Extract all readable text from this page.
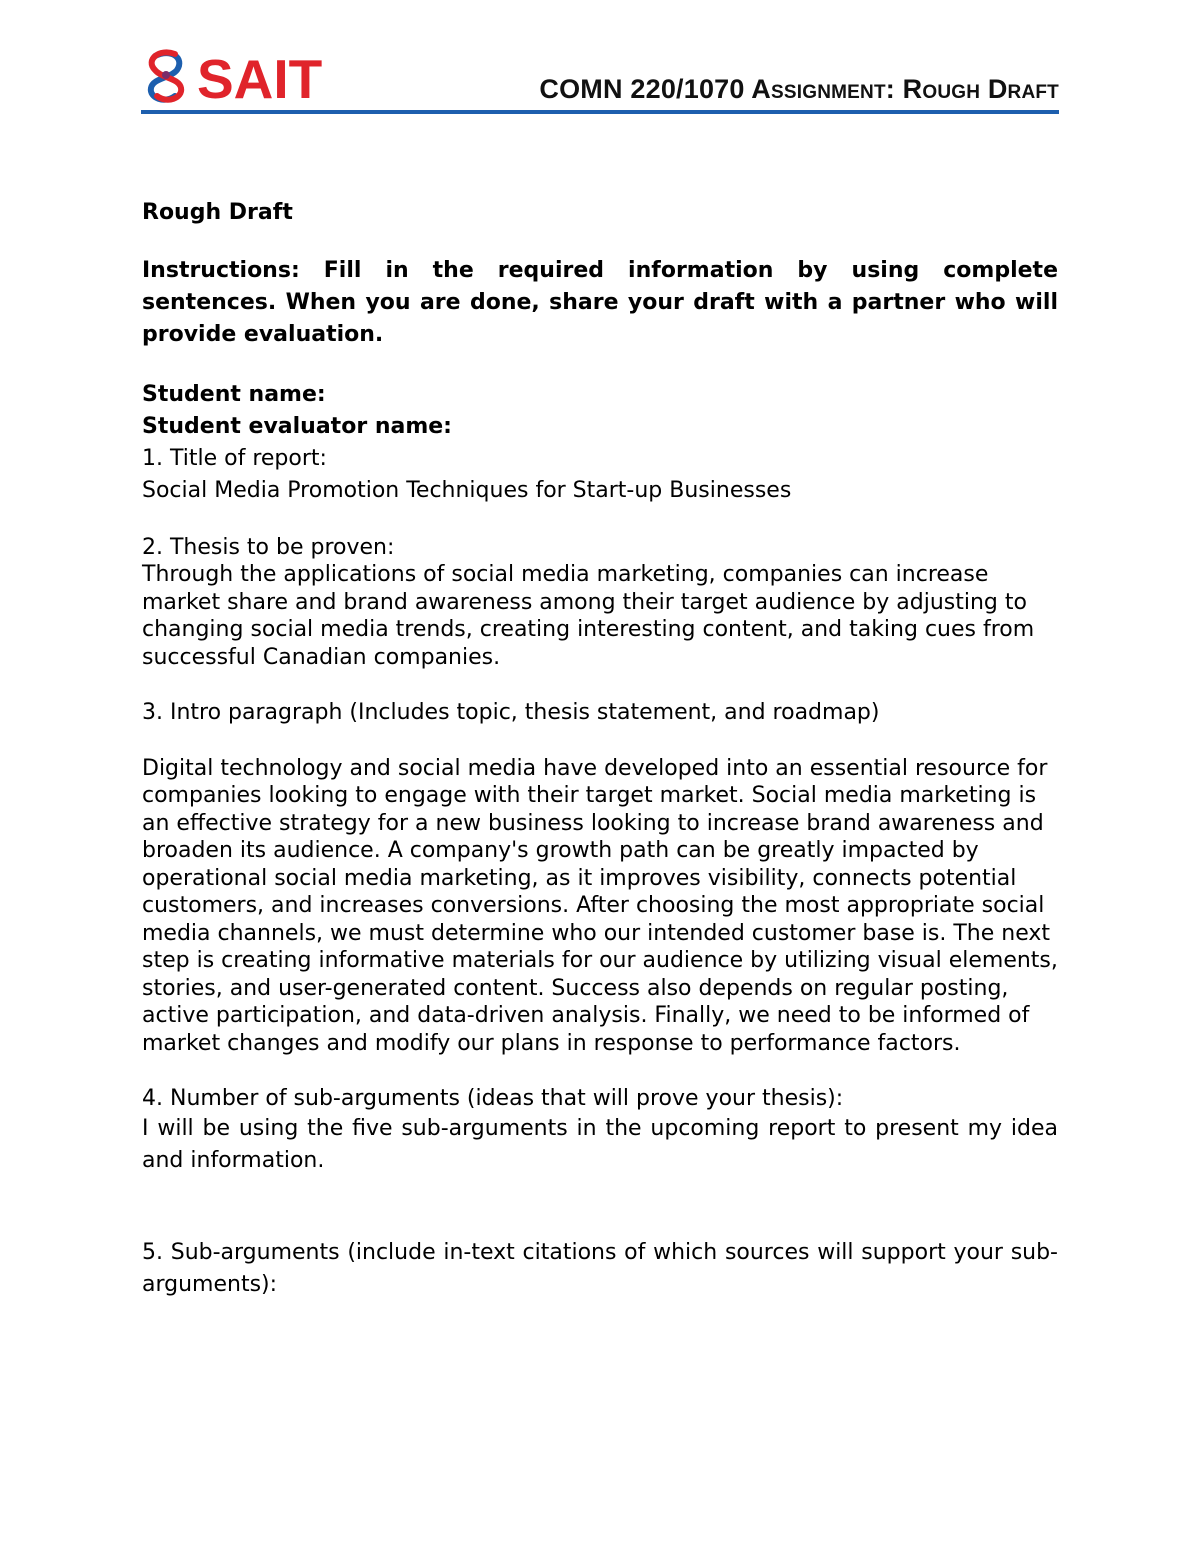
SAIT	COMN 220/1070 Assignment: Rough Draft

Rough Draft

Instructions: Fill in the required information by using complete sentences. When you are done, share your draft with a partner who will provide evaluation.

Student name:

Student evaluator name:

1. Title of report:

Social Media Promotion Techniques for Start-up Businesses

2. Thesis to be proven:

Through the applications of social media marketing, companies can increase market share and brand awareness among their target audience by adjusting to changing social media trends, creating interesting content, and taking cues from successful Canadian companies.

3. Intro paragraph (Includes topic, thesis statement, and roadmap)

Digital technology and social media have developed into an essential resource for companies looking to engage with their target market. Social media marketing is an effective strategy for a new business looking to increase brand awareness and broaden its audience. A company's growth path can be greatly impacted by operational social media marketing, as it improves visibility, connects potential customers, and increases conversions. After choosing the most appropriate social media channels, we must determine who our intended customer base is. The next step is creating informative materials for our audience by utilizing visual elements, stories, and user-generated content. Success also depends on regular posting, active participation, and data-driven analysis. Finally, we need to be informed of market changes and modify our plans in response to performance factors.

4. Number of sub-arguments (ideas that will prove your thesis):

I will be using the five sub-arguments in the upcoming report to present my idea and information.

5. Sub-arguments (include in-text citations of which sources will support your sub-arguments):
